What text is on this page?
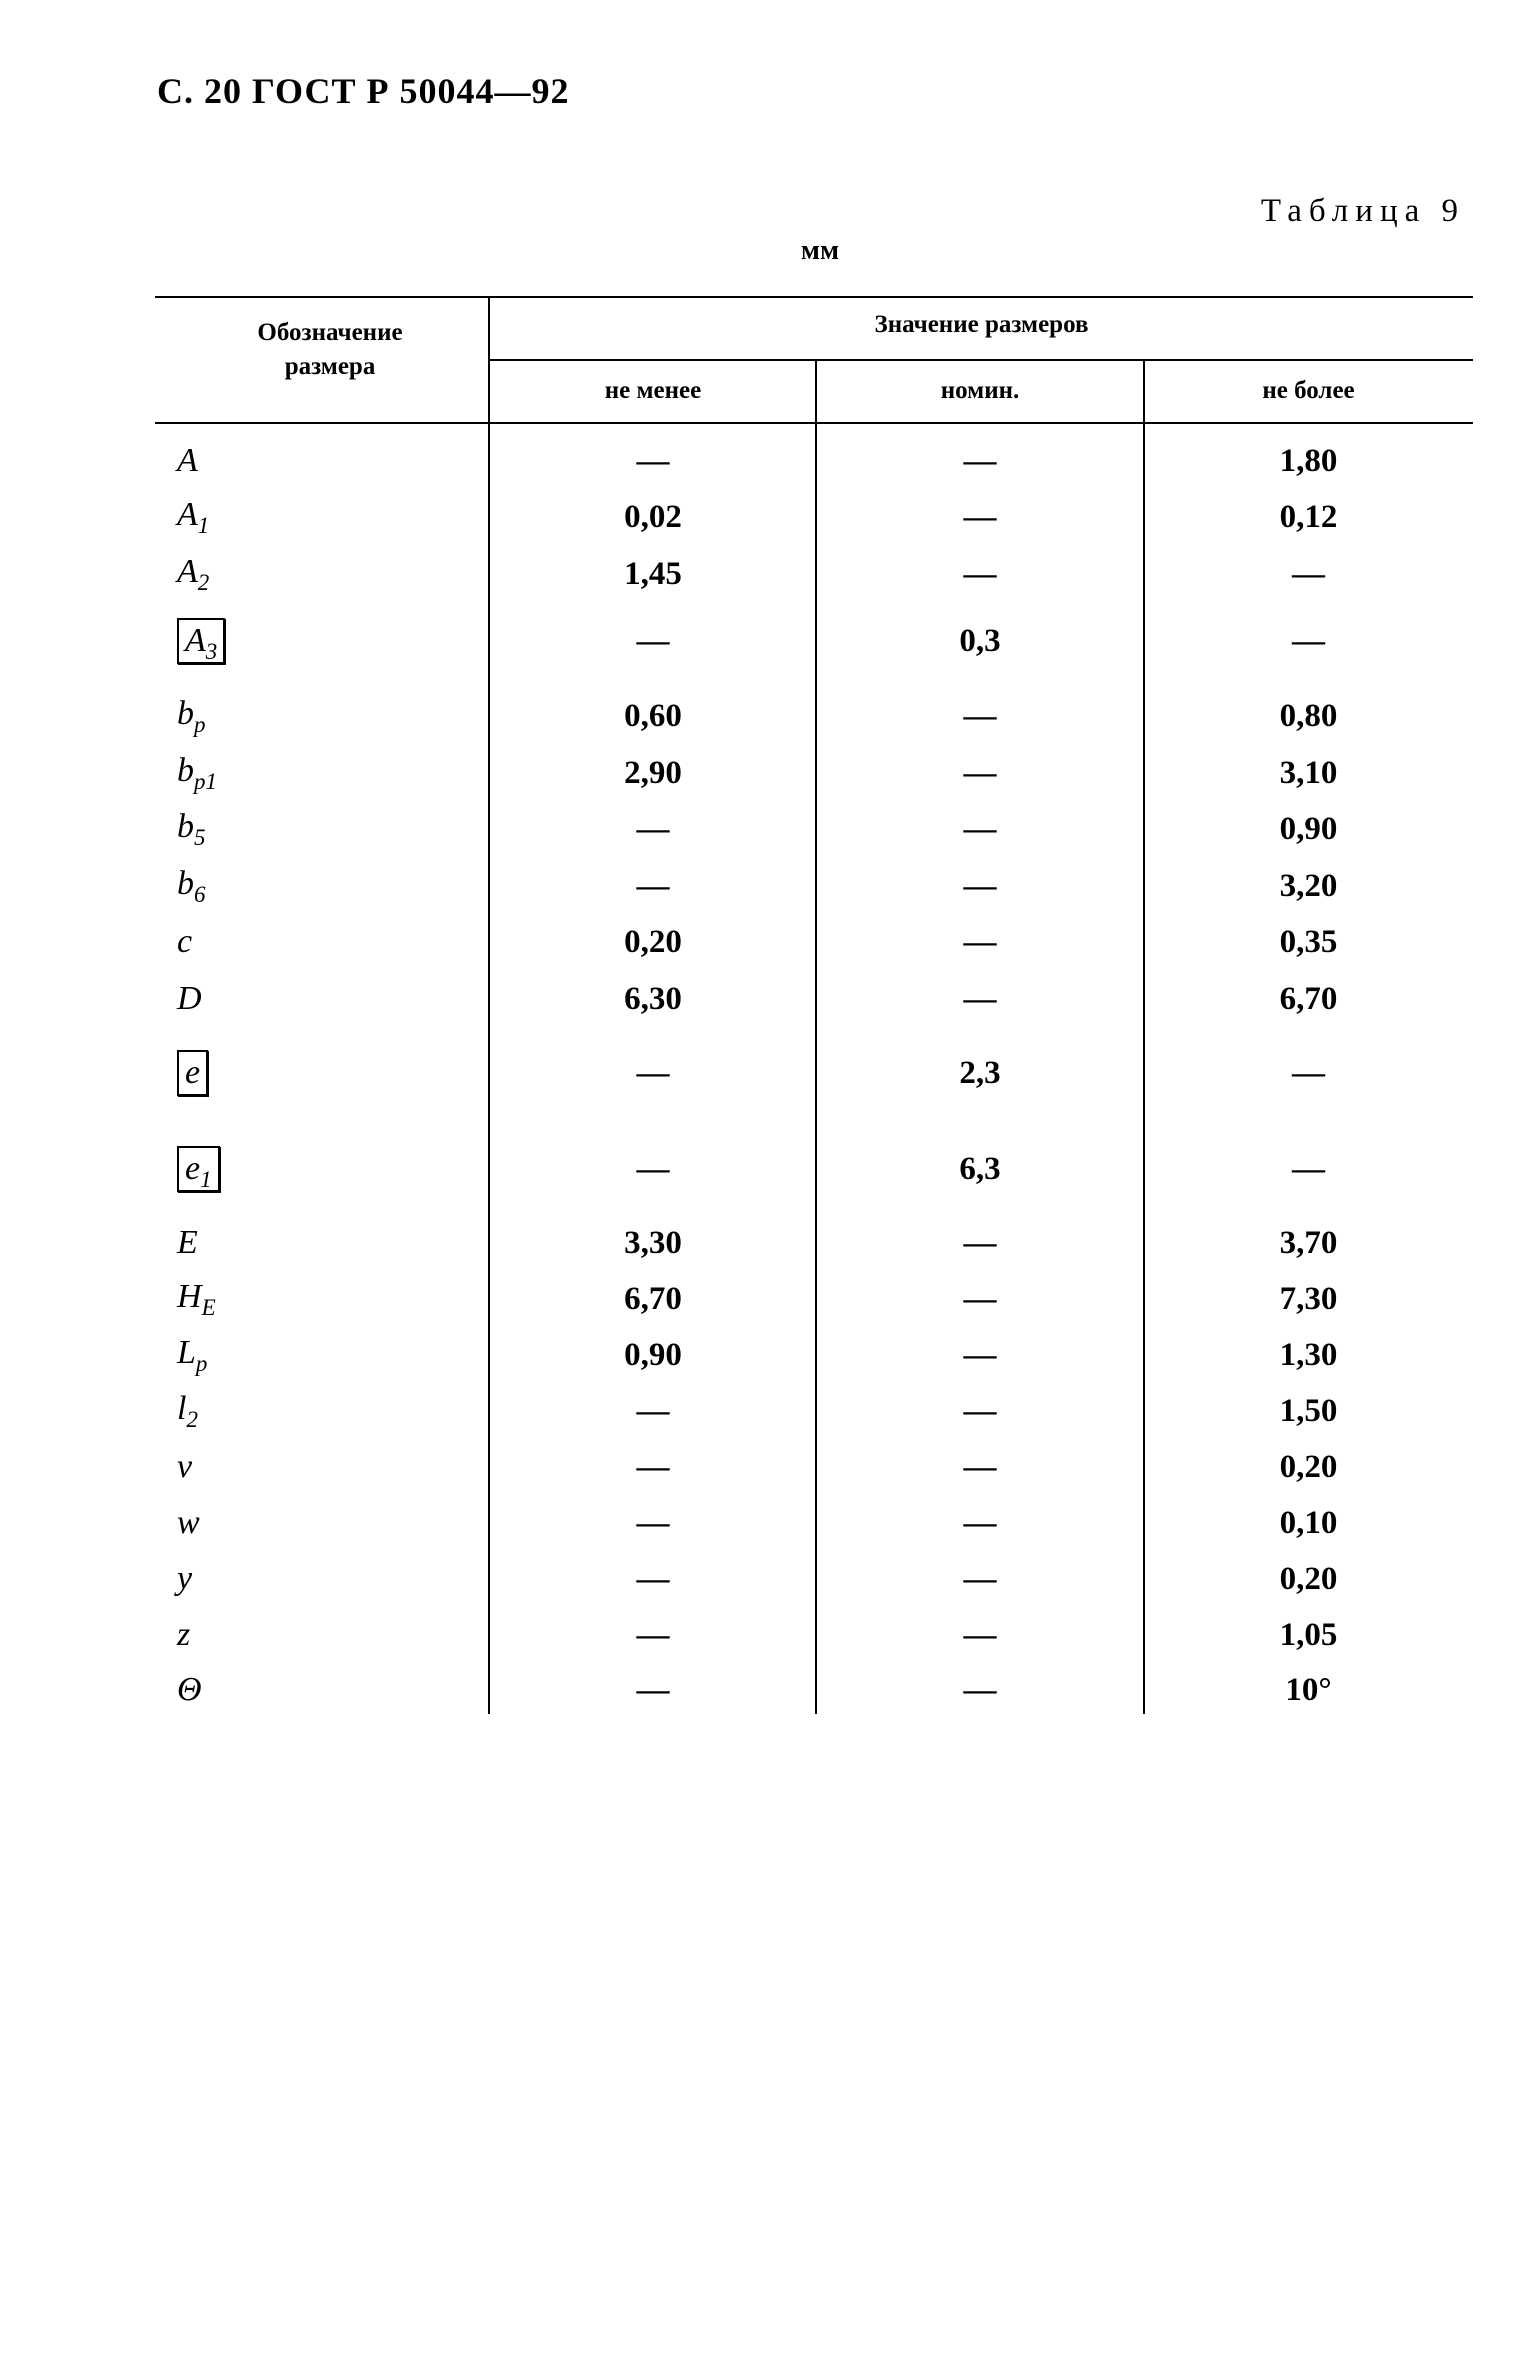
С. 20 ГОСТ Р 50044—92
Таблица 9
мм
Обозначение размера
Значение размеров
не менее	номин.	не более
A	—	—	1,80
$A_1$	0,02	—	0,12
$A_2$	1,45	—	—
$A_3$	—	0,3	—
$b_p$	0,60	—	0,80
$b_{p1}$	2,90	—	3,10
$b_5$	—	—	0,90
$b_6$	—	—	3,20
c	0,20	—	0,35
D	6,30	—	6,70
e	—	2,3	—
$e_1$	—	6,3	—
E	3,30	—	3,70
$H_E$	6,70	—	7,30
$L_p$	0,90	—	1,30
$l_2$	—	—	1,50
v	—	—	0,20
w	—	—	0,10
y	—	—	0,20
z	—	—	1,05
Θ	—	—	10°
